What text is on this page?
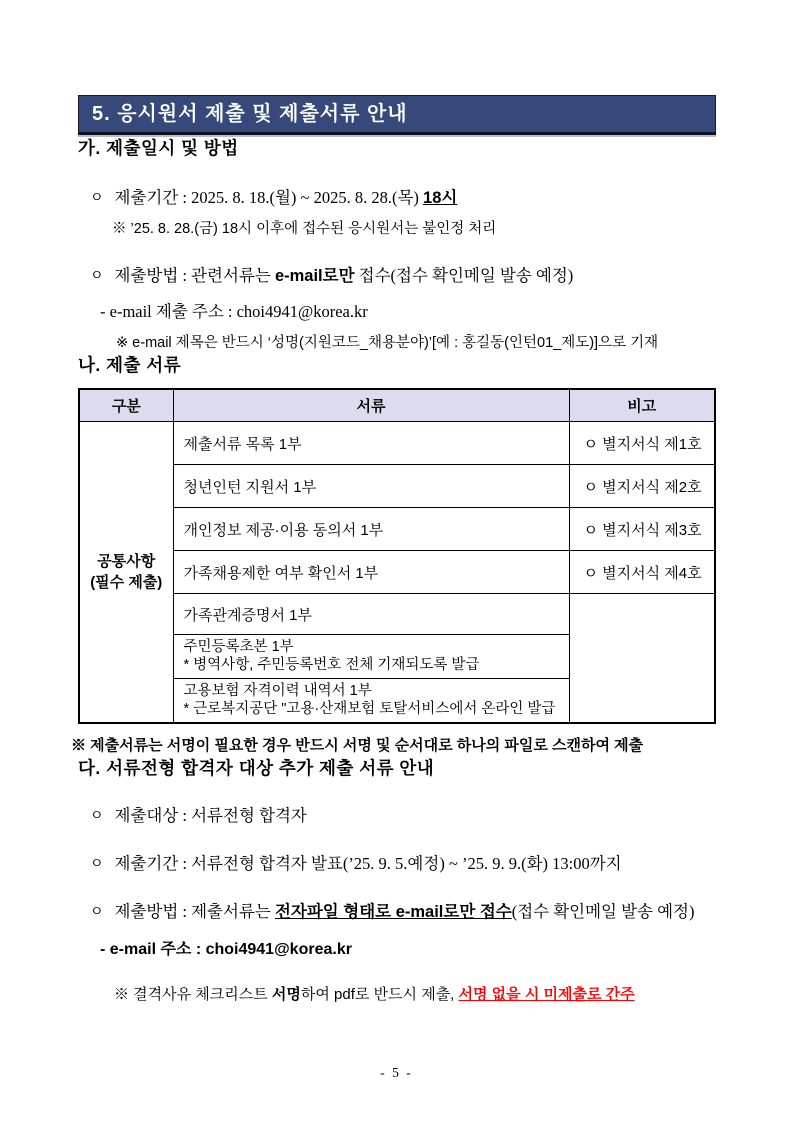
5. 응시원서 제출 및 제출서류 안내
가. 제출일시 및 방법

ㅇ 제출기간 : 2025. 8. 18.(월) ~ 2025. 8. 28.(목) 18시

※ ’25. 8. 28.(금) 18시 이후에 접수된 응시원서는 불인정 처리

ㅇ 제출방법 : 관련서류는 e-mail로만 접수(접수 확인메일 발송 예정)

- e-mail 제출 주소 : choi4941@korea.kr

※ e-mail 제목은 반드시 ‘성명(지원코드_채용분야)’[예 : 홍길동(인턴01_제도)]으로 기재

나. 제출 서류
구분	서류	비고

공통사항
(필수 제출)	제출서류 목록 1부	ㅇ 별지서식 제1호
	청년인턴 지원서 1부	ㅇ 별지서식 제2호
	개인정보 제공·이용 동의서 1부	ㅇ 별지서식 제3호
	가족채용제한 여부 확인서 1부	ㅇ 별지서식 제4호
	가족관계증명서 1부	

	주민등록초본 1부
* 병역사항, 주민등록번호 전체 기재되도록 발급	

	고용보험 자격이력 내역서 1부
* 근로복지공단 "고용·산재보험 토탈서비스에서 온라인 발급	

※ 제출서류는 서명이 필요한 경우 반드시 서명 및 순서대로 하나의 파일로 스캔하여 제출

다. 서류전형 합격자 대상 추가 제출 서류 안내

ㅇ 제출대상 : 서류전형 합격자

ㅇ 제출기간 : 서류전형 합격자 발표(’25. 9. 5.예정) ~ ’25. 9. 9.(화) 13:00까지

ㅇ 제출방법 : 제출서류는 전자파일 형태로 e-mail로만 접수(접수 확인메일 발송 예정)

- e-mail 주소 : choi4941@korea.kr

※ 결격사유 체크리스트 서명하여 pdf로 반드시 제출, 서명 없을 시 미제출로 간주

- 5 -
